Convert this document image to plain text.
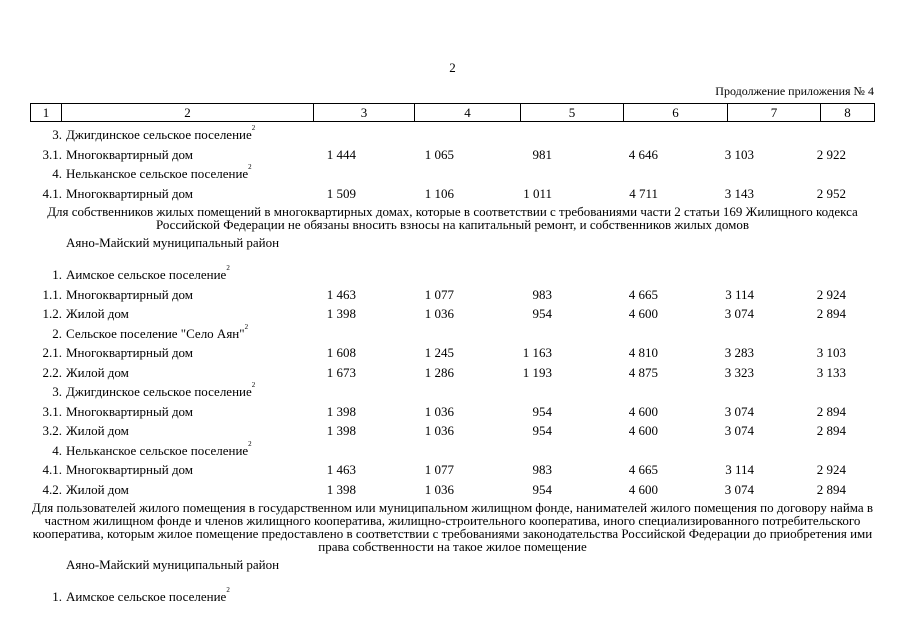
2
Продолжение приложения № 4
1	2	3	4	5	6	7	8
3. Джигдинское сельское поселение$^2$
3.1. Многоквартирный дом	1 444	1 065	981	4 646	3 103	2 922
4. Нельканское сельское поселение$^2$
4.1. Многоквартирный дом	1 509	1 106	1 011	4 711	3 143	2 952
Для собственников жилых помещений в многоквартирных домах, которые в соответствии с требованиями части 2 статьи 169 Жилищного кодекса Российской Федерации не обязаны вносить взносы на капитальный ремонт, и собственников жилых домов
Аяно-Майский муниципальный район
1. Аимское сельское поселение$^2$
1.1. Многоквартирный дом	1 463	1 077	983	4 665	3 114	2 924
1.2. Жилой дом	1 398	1 036	954	4 600	3 074	2 894
2. Сельское поселение "Село Аян"$^2$
2.1. Многоквартирный дом	1 608	1 245	1 163	4 810	3 283	3 103
2.2. Жилой дом	1 673	1 286	1 193	4 875	3 323	3 133
3. Джигдинское сельское поселение$^2$
3.1. Многоквартирный дом	1 398	1 036	954	4 600	3 074	2 894
3.2. Жилой дом	1 398	1 036	954	4 600	3 074	2 894
4. Нельканское сельское поселение$^2$
4.1. Многоквартирный дом	1 463	1 077	983	4 665	3 114	2 924
4.2. Жилой дом	1 398	1 036	954	4 600	3 074	2 894
Для пользователей жилого помещения в государственном или муниципальном жилищном фонде, нанимателей жилого помещения по договору найма в частном жилищном фонде и членов жилищного кооператива, жилищно-строительного кооператива, иного специализированного потребительского кооператива, которым жилое помещение предоставлено в соответствии с требованиями законодательства Российской Федерации до приобретения ими права собственности на такое жилое помещение
Аяно-Майский муниципальный район
1. Аимское сельское поселение$^2$
